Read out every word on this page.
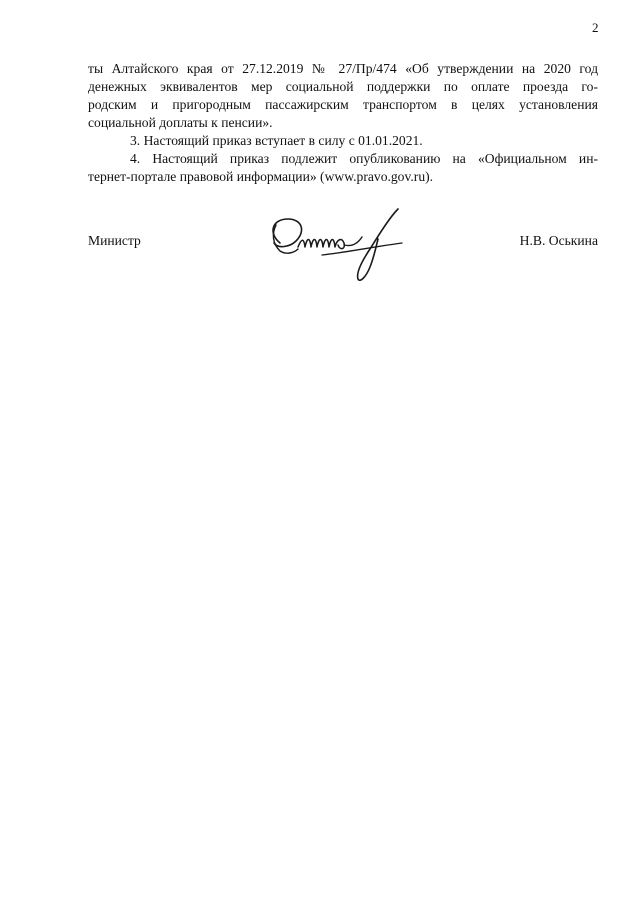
2

ты Алтайского края от 27.12.2019 № 27/Пр/474 «Об утверждении на 2020 год
денежных эквивалентов мер социальной поддержки по оплате проезда го-
родским и пригородным пассажирским транспортом в целях установления
социальной доплаты к пенсии».

3. Настоящий приказ вступает в силу с 01.01.2021.

4. Настоящий приказ подлежит опубликованию на «Официальном ин-
тернет-портале правовой информации» (www.pravo.gov.ru).

Министр	Н.В. Оськина
